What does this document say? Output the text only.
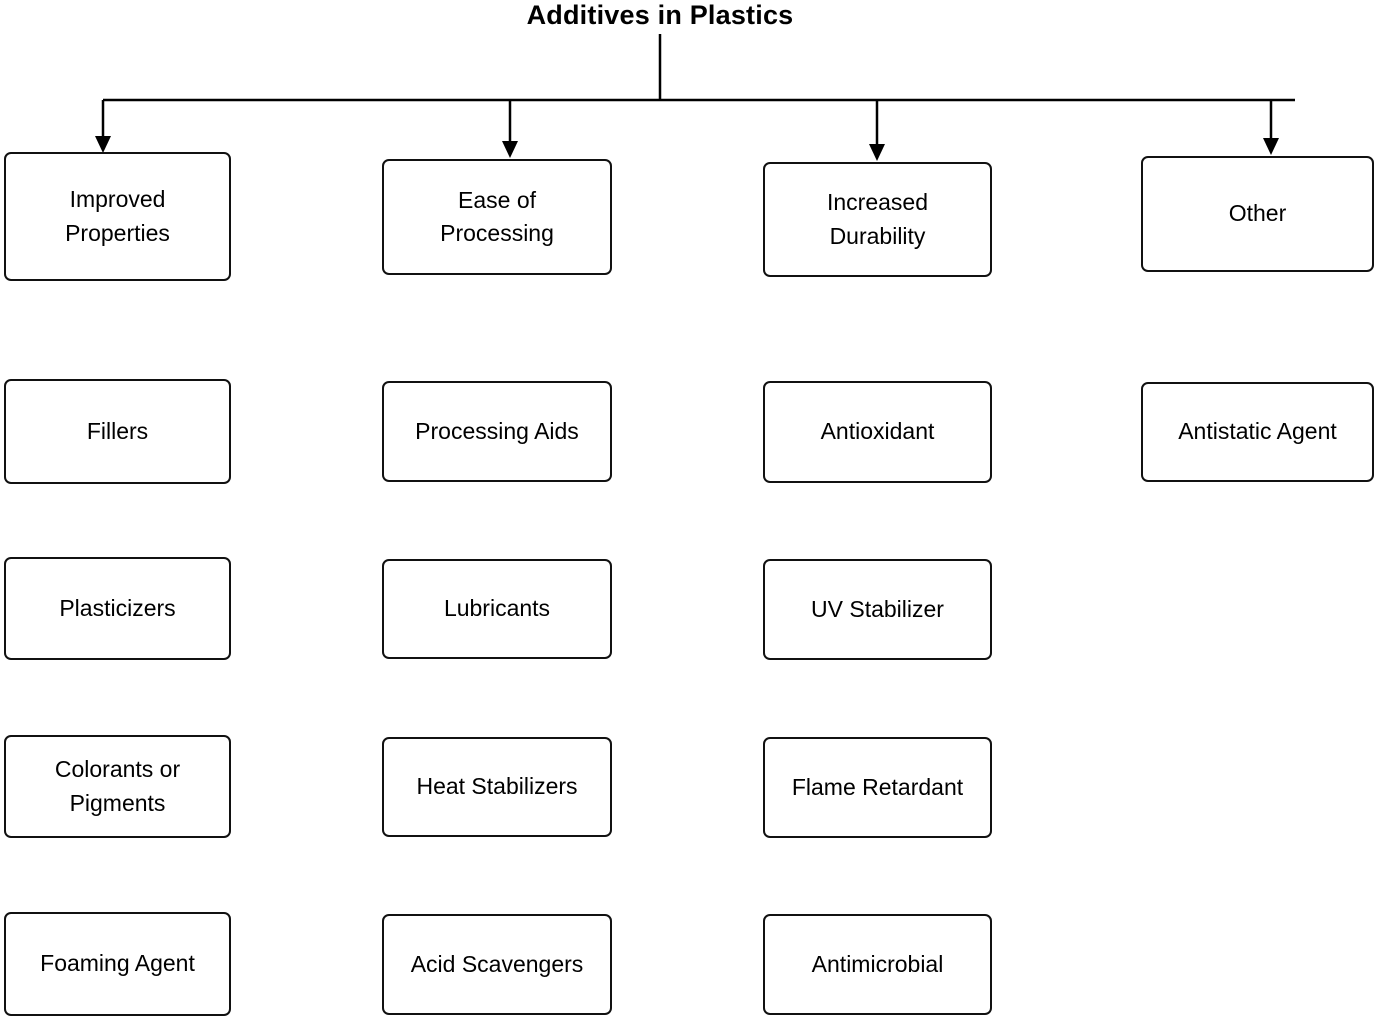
Additives in Plastics
Improved Properties
Fillers
Plasticizers
Colorants or Pigments
Foaming Agent
Ease of Processing
Processing Aids
Lubricants
Heat Stabilizers
Acid Scavengers
Increased Durability
Antioxidant
UV Stabilizer
Flame Retardant
Antimicrobial
Other
Antistatic Agent
